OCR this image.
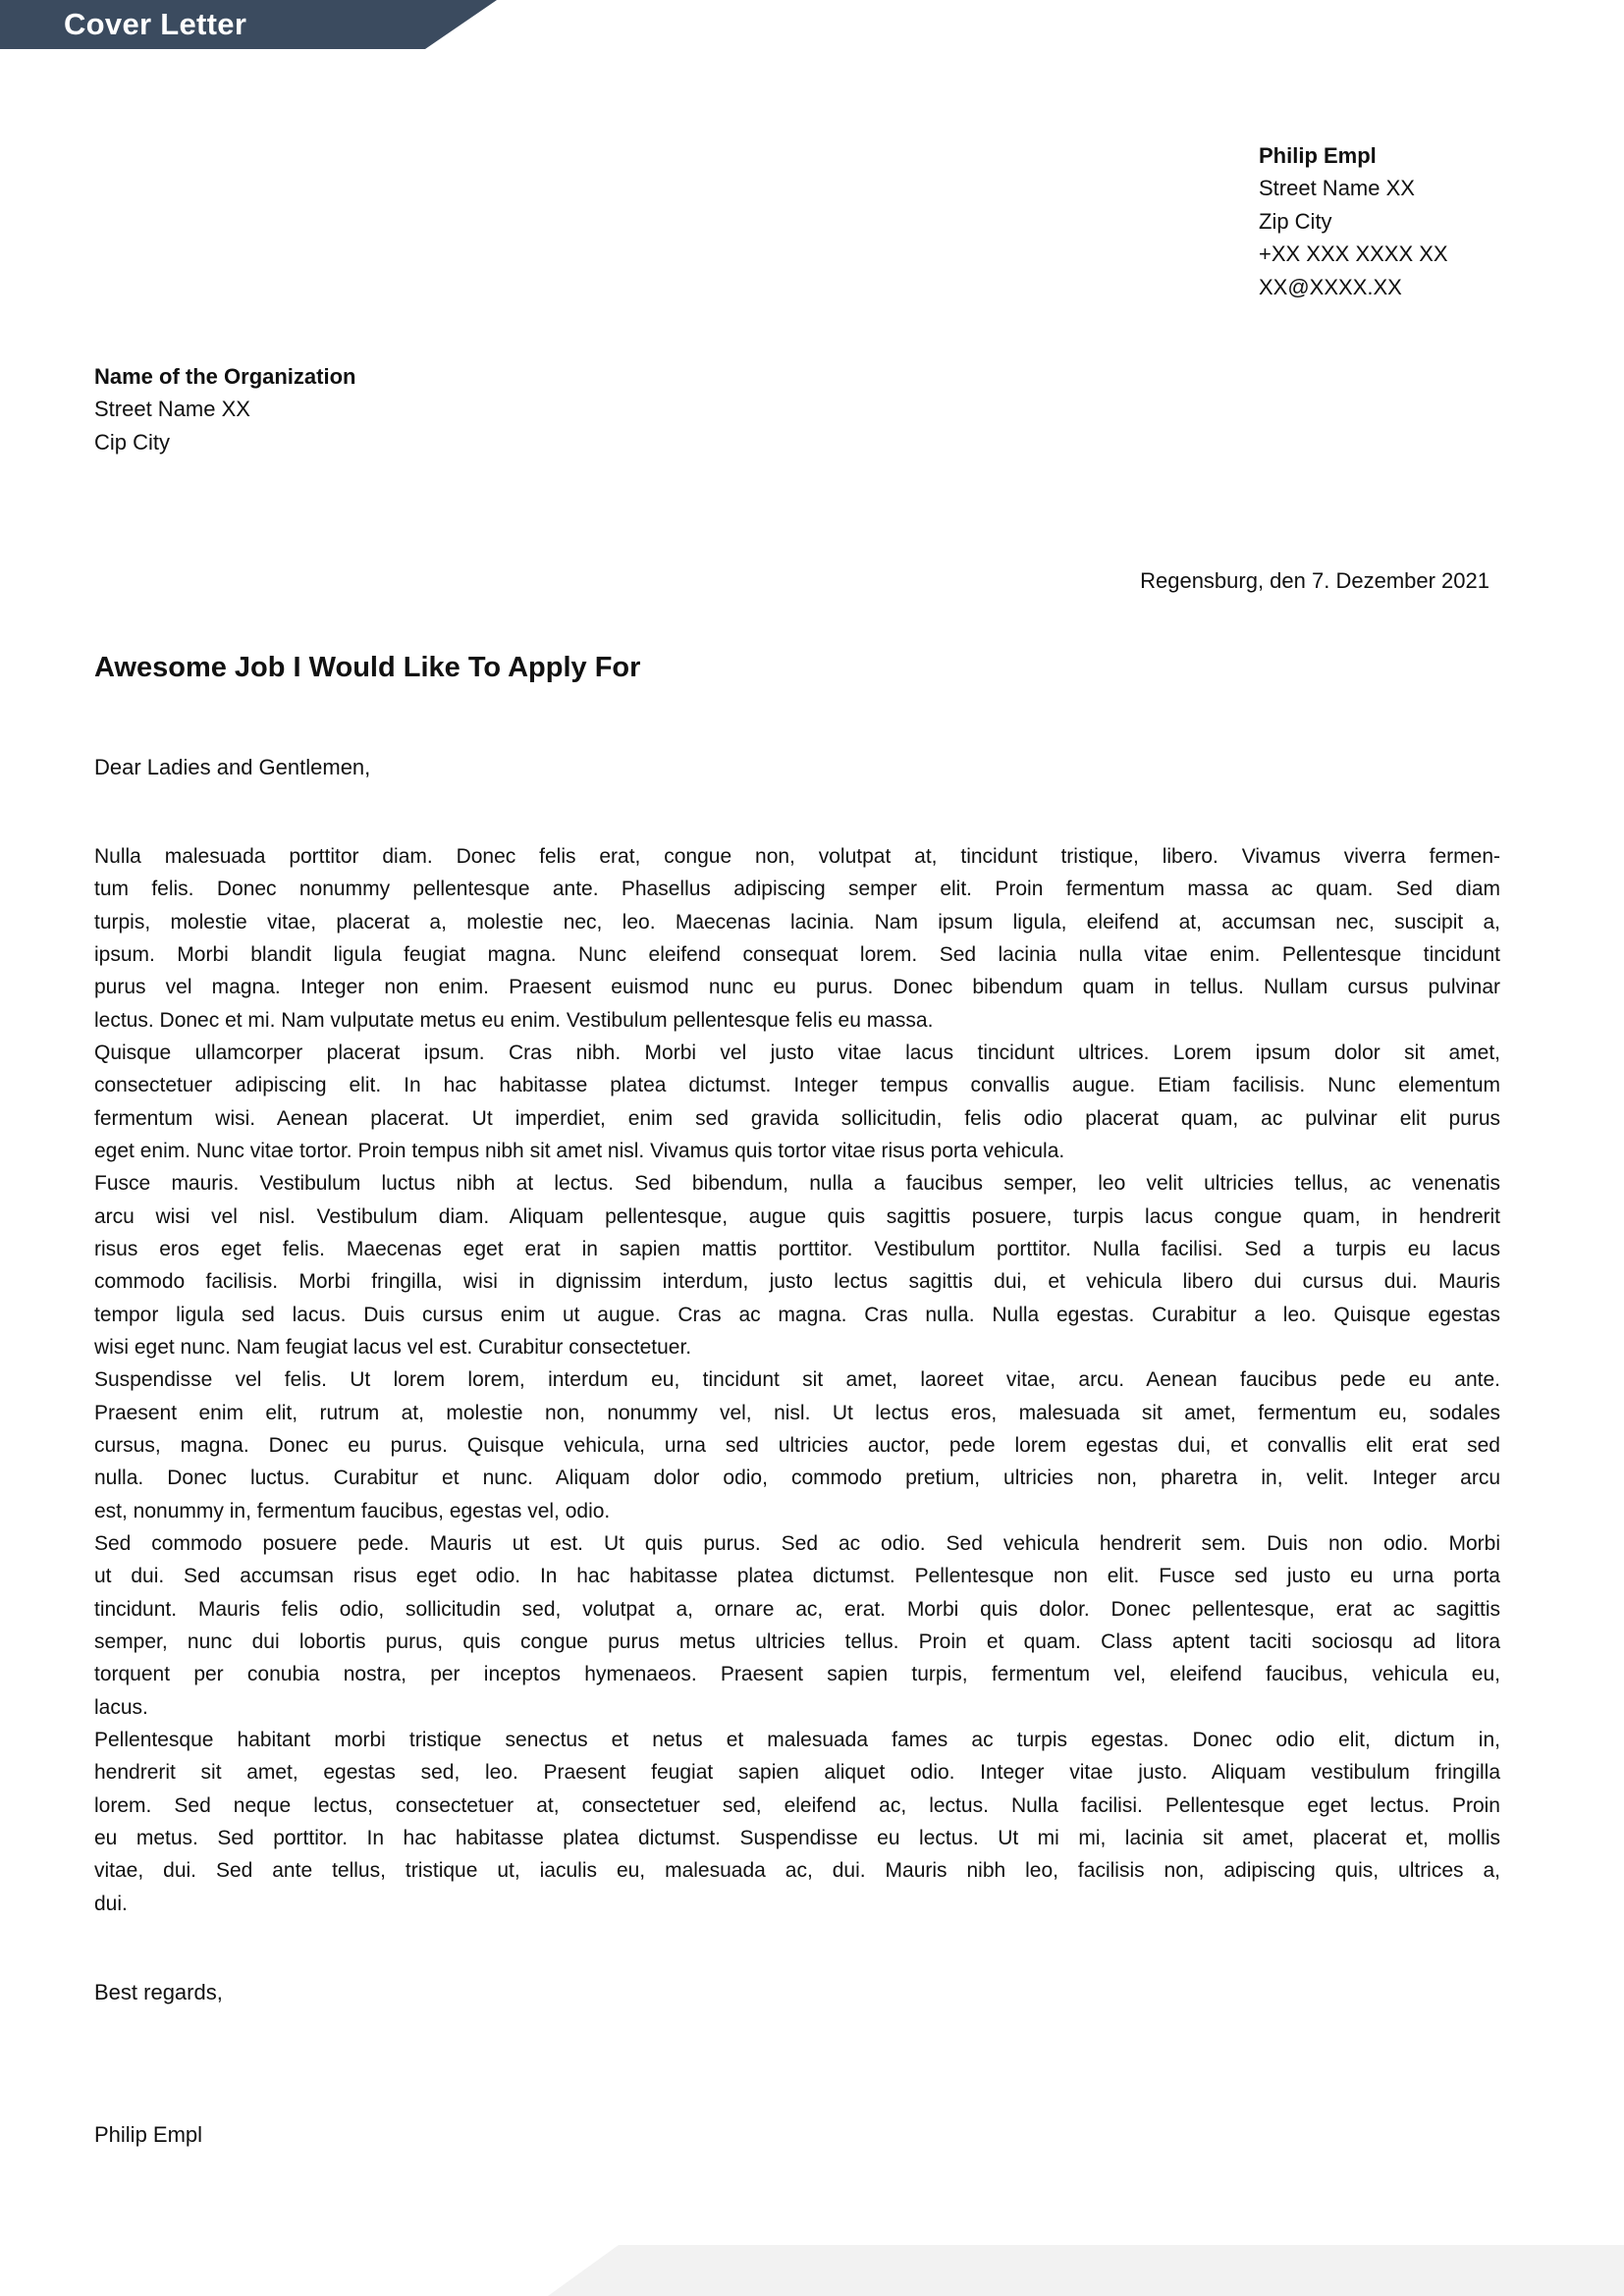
Cover Letter
Philip Empl
Street Name XX
Zip City
+XX XXX XXXX XX
XX@XXXX.XX
Name of the Organization
Street Name XX
Cip City
Regensburg, den 7. Dezember 2021
Awesome Job I Would Like To Apply For
Dear Ladies and Gentlemen,
Nulla malesuada porttitor diam. Donec felis erat, congue non, volutpat at, tincidunt tristique, libero. Vivamus viverra fermen-
tum felis. Donec nonummy pellentesque ante. Phasellus adipiscing semper elit. Proin fermentum massa ac quam. Sed diam
turpis, molestie vitae, placerat a, molestie nec, leo. Maecenas lacinia. Nam ipsum ligula, eleifend at, accumsan nec, suscipit a,
ipsum. Morbi blandit ligula feugiat magna. Nunc eleifend consequat lorem. Sed lacinia nulla vitae enim. Pellentesque tincidunt
purus vel magna. Integer non enim. Praesent euismod nunc eu purus. Donec bibendum quam in tellus. Nullam cursus pulvinar
lectus. Donec et mi. Nam vulputate metus eu enim. Vestibulum pellentesque felis eu massa.
Quisque ullamcorper placerat ipsum. Cras nibh. Morbi vel justo vitae lacus tincidunt ultrices. Lorem ipsum dolor sit amet,
consectetuer adipiscing elit. In hac habitasse platea dictumst. Integer tempus convallis augue. Etiam facilisis. Nunc elementum
fermentum wisi. Aenean placerat. Ut imperdiet, enim sed gravida sollicitudin, felis odio placerat quam, ac pulvinar elit purus
eget enim. Nunc vitae tortor. Proin tempus nibh sit amet nisl. Vivamus quis tortor vitae risus porta vehicula.
Fusce mauris. Vestibulum luctus nibh at lectus. Sed bibendum, nulla a faucibus semper, leo velit ultricies tellus, ac venenatis
arcu wisi vel nisl. Vestibulum diam. Aliquam pellentesque, augue quis sagittis posuere, turpis lacus congue quam, in hendrerit
risus eros eget felis. Maecenas eget erat in sapien mattis porttitor. Vestibulum porttitor. Nulla facilisi. Sed a turpis eu lacus
commodo facilisis. Morbi fringilla, wisi in dignissim interdum, justo lectus sagittis dui, et vehicula libero dui cursus dui. Mauris
tempor ligula sed lacus. Duis cursus enim ut augue. Cras ac magna. Cras nulla. Nulla egestas. Curabitur a leo. Quisque egestas
wisi eget nunc. Nam feugiat lacus vel est. Curabitur consectetuer.
Suspendisse vel felis. Ut lorem lorem, interdum eu, tincidunt sit amet, laoreet vitae, arcu. Aenean faucibus pede eu ante.
Praesent enim elit, rutrum at, molestie non, nonummy vel, nisl. Ut lectus eros, malesuada sit amet, fermentum eu, sodales
cursus, magna. Donec eu purus. Quisque vehicula, urna sed ultricies auctor, pede lorem egestas dui, et convallis elit erat sed
nulla. Donec luctus. Curabitur et nunc. Aliquam dolor odio, commodo pretium, ultricies non, pharetra in, velit. Integer arcu
est, nonummy in, fermentum faucibus, egestas vel, odio.
Sed commodo posuere pede. Mauris ut est. Ut quis purus. Sed ac odio. Sed vehicula hendrerit sem. Duis non odio. Morbi
ut dui. Sed accumsan risus eget odio. In hac habitasse platea dictumst. Pellentesque non elit. Fusce sed justo eu urna porta
tincidunt. Mauris felis odio, sollicitudin sed, volutpat a, ornare ac, erat. Morbi quis dolor. Donec pellentesque, erat ac sagittis
semper, nunc dui lobortis purus, quis congue purus metus ultricies tellus. Proin et quam. Class aptent taciti sociosqu ad litora
torquent per conubia nostra, per inceptos hymenaeos. Praesent sapien turpis, fermentum vel, eleifend faucibus, vehicula eu,
lacus.
Pellentesque habitant morbi tristique senectus et netus et malesuada fames ac turpis egestas. Donec odio elit, dictum in,
hendrerit sit amet, egestas sed, leo. Praesent feugiat sapien aliquet odio. Integer vitae justo. Aliquam vestibulum fringilla
lorem. Sed neque lectus, consectetuer at, consectetuer sed, eleifend ac, lectus. Nulla facilisi. Pellentesque eget lectus. Proin
eu metus. Sed porttitor. In hac habitasse platea dictumst. Suspendisse eu lectus. Ut mi mi, lacinia sit amet, placerat et, mollis
vitae, dui. Sed ante tellus, tristique ut, iaculis eu, malesuada ac, dui. Mauris nibh leo, facilisis non, adipiscing quis, ultrices a,
dui.
Best regards,
Philip Empl
